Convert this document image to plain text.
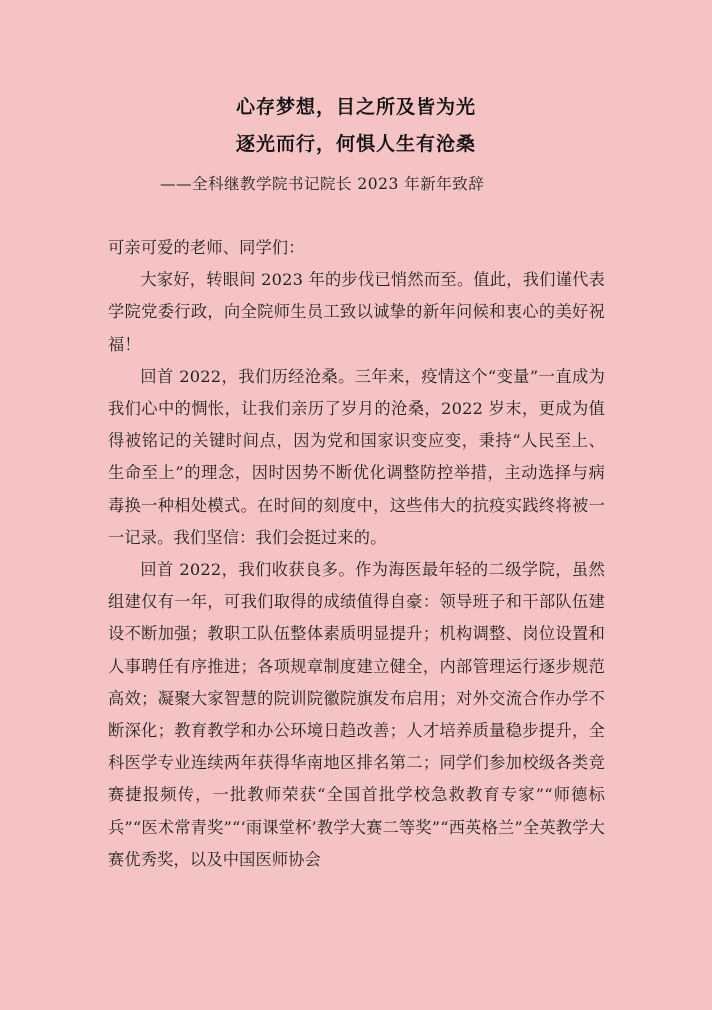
心存梦想，目之所及皆为光
逐光而行，何惧人生有沧桑
——全科继教学院书记院长 2023 年新年致辞

可亲可爱的老师、同学们：

大家好，转眼间 2023 年的步伐已悄然而至。值此，我们谨代表学院党委行政，向全院师生员工致以诚挚的新年问候和衷心的美好祝福！

回首 2022，我们历经沧桑。三年来，疫情这个“变量”一直成为我们心中的惆怅，让我们亲历了岁月的沧桑，2022 岁末，更成为值得被铭记的关键时间点，因为党和国家识变应变，秉持“人民至上、生命至上”的理念，因时因势不断优化调整防控举措，主动选择与病毒换一种相处模式。在时间的刻度中，这些伟大的抗疫实践终将被一一记录。我们坚信：我们会挺过来的。

回首 2022，我们收获良多。作为海医最年轻的二级学院，虽然组建仅有一年，可我们取得的成绩值得自豪：领导班子和干部队伍建设不断加强；教职工队伍整体素质明显提升；机构调整、岗位设置和人事聘任有序推进；各项规章制度建立健全，内部管理运行逐步规范高效；凝聚大家智慧的院训院徽院旗发布启用；对外交流合作办学不断深化；教育教学和办公环境日趋改善；人才培养质量稳步提升，全科医学专业连续两年获得华南地区排名第二；同学们参加校级各类竞赛捷报频传，一批教师荣获“全国首批学校急救教育专家”“师德标兵”“医术常青奖”“‘雨课堂杯’教学大赛二等奖”“西英格兰”全英教学大赛优秀奖，以及中国医师协会
